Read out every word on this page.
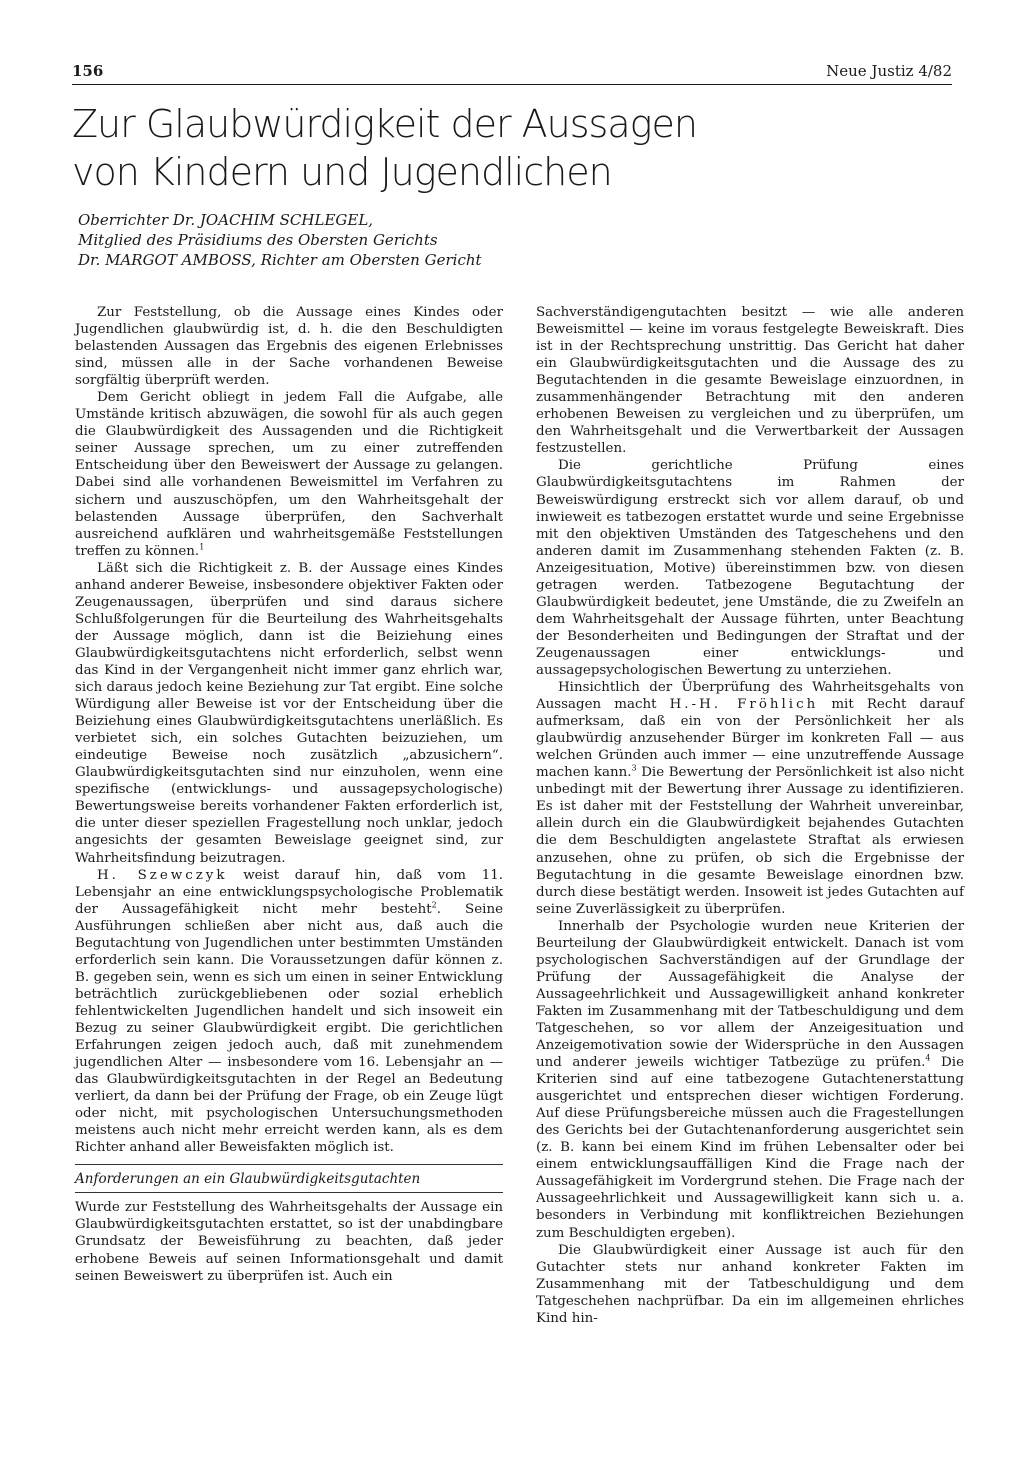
156	Neue Justiz 4/82
Zur Glaubwürdigkeit der Aussagen
von Kindern und Jugendlichen
Oberrichter Dr. JOACHIM SCHLEGEL,
Mitglied des Präsidiums des Obersten Gerichts
Dr. MARGOT AMBOSS, Richter am Obersten Gericht

Zur Feststellung, ob die Aussage eines Kindes oder Jugendlichen glaubwürdig ist, d. h. die den Beschuldigten belastenden Aussagen das Ergebnis des eigenen Erlebnisses sind, müssen alle in der Sache vorhandenen Beweise sorgfältig überprüft werden.

Dem Gericht obliegt in jedem Fall die Aufgabe, alle Umstände kritisch abzuwägen, die sowohl für als auch gegen die Glaubwürdigkeit des Aussagenden und die Richtigkeit seiner Aussage sprechen, um zu einer zutreffenden Entscheidung über den Beweiswert der Aussage zu gelangen. Dabei sind alle vorhandenen Beweismittel im Verfahren zu sichern und auszuschöpfen, um den Wahrheitsgehalt der belastenden Aussage überprüfen, den Sachverhalt ausreichend aufklären und wahrheitsgemäße Feststellungen treffen zu können.$^1$

Läßt sich die Richtigkeit z. B. der Aussage eines Kindes anhand anderer Beweise, insbesondere objektiver Fakten oder Zeugenaussagen, überprüfen und sind daraus sichere Schlußfolgerungen für die Beurteilung des Wahrheitsgehalts der Aussage möglich, dann ist die Beiziehung eines Glaubwürdigkeitsgutachtens nicht erforderlich, selbst wenn das Kind in der Vergangenheit nicht immer ganz ehrlich war, sich daraus jedoch keine Beziehung zur Tat ergibt. Eine solche Würdigung aller Beweise ist vor der Entscheidung über die Beiziehung eines Glaubwürdigkeitsgutachtens unerläßlich. Es verbietet sich, ein solches Gutachten beizuziehen, um eindeutige Beweise noch zusätzlich „abzusichern“. Glaubwürdigkeitsgutachten sind nur einzuholen, wenn eine spezifische (entwicklungs- und aussagepsychologische) Bewertungsweise bereits vorhandener Fakten erforderlich ist, die unter dieser speziellen Fragestellung noch unklar, jedoch angesichts der gesamten Beweislage geeignet sind, zur Wahrheitsfindung beizutragen.

H. Szewczyk weist darauf hin, daß vom 11. Lebensjahr an eine entwicklungspsychologische Problematik der Aussagefähigkeit nicht mehr besteht$^2$. Seine Ausführungen schließen aber nicht aus, daß auch die Begutachtung von Jugendlichen unter bestimmten Umständen erforderlich sein kann. Die Voraussetzungen dafür können z. B. gegeben sein, wenn es sich um einen in seiner Entwicklung beträchtlich zurückgebliebenen oder sozial erheblich fehlentwickelten Jugendlichen handelt und sich insoweit ein Bezug zu seiner Glaubwürdigkeit ergibt. Die gerichtlichen Erfahrungen zeigen jedoch auch, daß mit zunehmendem jugendlichen Alter — insbesondere vom 16. Lebensjahr an — das Glaubwürdigkeitsgutachten in der Regel an Bedeutung verliert, da dann bei der Prüfung der Frage, ob ein Zeuge lügt oder nicht, mit psychologischen Untersuchungsmethoden meistens auch nicht mehr erreicht werden kann, als es dem Richter anhand aller Beweisfakten möglich ist.

Anforderungen an ein Glaubwürdigkeitsgutachten

Wurde zur Feststellung des Wahrheitsgehalts der Aussage ein Glaubwürdigkeitsgutachten erstattet, so ist der unabdingbare Grundsatz der Beweisführung zu beachten, daß jeder erhobene Beweis auf seinen Informationsgehalt und damit seinen Beweiswert zu überprüfen ist. Auch ein

Sachverständigengutachten besitzt — wie alle anderen Beweismittel — keine im voraus festgelegte Beweiskraft. Dies ist in der Rechtsprechung unstrittig. Das Gericht hat daher ein Glaubwürdigkeitsgutachten und die Aussage des zu Begutachtenden in die gesamte Beweislage einzuordnen, in zusammenhängender Betrachtung mit den anderen erhobenen Beweisen zu vergleichen und zu überprüfen, um den Wahrheitsgehalt und die Verwertbarkeit der Aussagen festzustellen.

Die gerichtliche Prüfung eines Glaubwürdigkeitsgutachtens im Rahmen der Beweiswürdigung erstreckt sich vor allem darauf, ob und inwieweit es tatbezogen erstattet wurde und seine Ergebnisse mit den objektiven Umständen des Tatgeschehens und den anderen damit im Zusammenhang stehenden Fakten (z. B. Anzeigesituation, Motive) übereinstimmen bzw. von diesen getragen werden. Tatbezogene Begutachtung der Glaubwürdigkeit bedeutet, jene Umstände, die zu Zweifeln an dem Wahrheitsgehalt der Aussage führten, unter Beachtung der Besonderheiten und Bedingungen der Straftat und der Zeugenaussagen einer entwicklungs- und aussagepsychologischen Bewertung zu unterziehen.

Hinsichtlich der Überprüfung des Wahrheitsgehalts von Aussagen macht H.-H. Fröhlich mit Recht darauf aufmerksam, daß ein von der Persönlichkeit her als glaubwürdig anzusehender Bürger im konkreten Fall — aus welchen Gründen auch immer — eine unzutreffende Aussage machen kann.$^3$ Die Bewertung der Persönlichkeit ist also nicht unbedingt mit der Bewertung ihrer Aussage zu identifizieren. Es ist daher mit der Feststellung der Wahrheit unvereinbar, allein durch ein die Glaubwürdigkeit bejahendes Gutachten die dem Beschuldigten angelastete Straftat als erwiesen anzusehen, ohne zu prüfen, ob sich die Ergebnisse der Begutachtung in die gesamte Beweislage einordnen bzw. durch diese bestätigt werden. Insoweit ist jedes Gutachten auf seine Zuverlässigkeit zu überprüfen.

Innerhalb der Psychologie wurden neue Kriterien der Beurteilung der Glaubwürdigkeit entwickelt. Danach ist vom psychologischen Sachverständigen auf der Grundlage der Prüfung der Aussagefähigkeit die Analyse der Aussageehrlichkeit und Aussagewilligkeit anhand konkreter Fakten im Zusammenhang mit der Tatbeschuldigung und dem Tatgeschehen, so vor allem der Anzeigesituation und Anzeigemotivation sowie der Widersprüche in den Aussagen und anderer jeweils wichtiger Tatbezüge zu prüfen.$^4$ Die Kriterien sind auf eine tatbezogene Gutachtenerstattung ausgerichtet und entsprechen dieser wichtigen Forderung. Auf diese Prüfungsbereiche müssen auch die Fragestellungen des Gerichts bei der Gutachtenanforderung ausgerichtet sein (z. B. kann bei einem Kind im frühen Lebensalter oder bei einem entwicklungsauffälligen Kind die Frage nach der Aussagefähigkeit im Vordergrund stehen. Die Frage nach der Aussageehrlichkeit und Aussagewilligkeit kann sich u. a. besonders in Verbindung mit konfliktreichen Beziehungen zum Beschuldigten ergeben).

Die Glaubwürdigkeit einer Aussage ist auch für den Gutachter stets nur anhand konkreter Fakten im Zusammenhang mit der Tatbeschuldigung und dem Tatgeschehen nachprüfbar. Da ein im allgemeinen ehrliches Kind hin-
